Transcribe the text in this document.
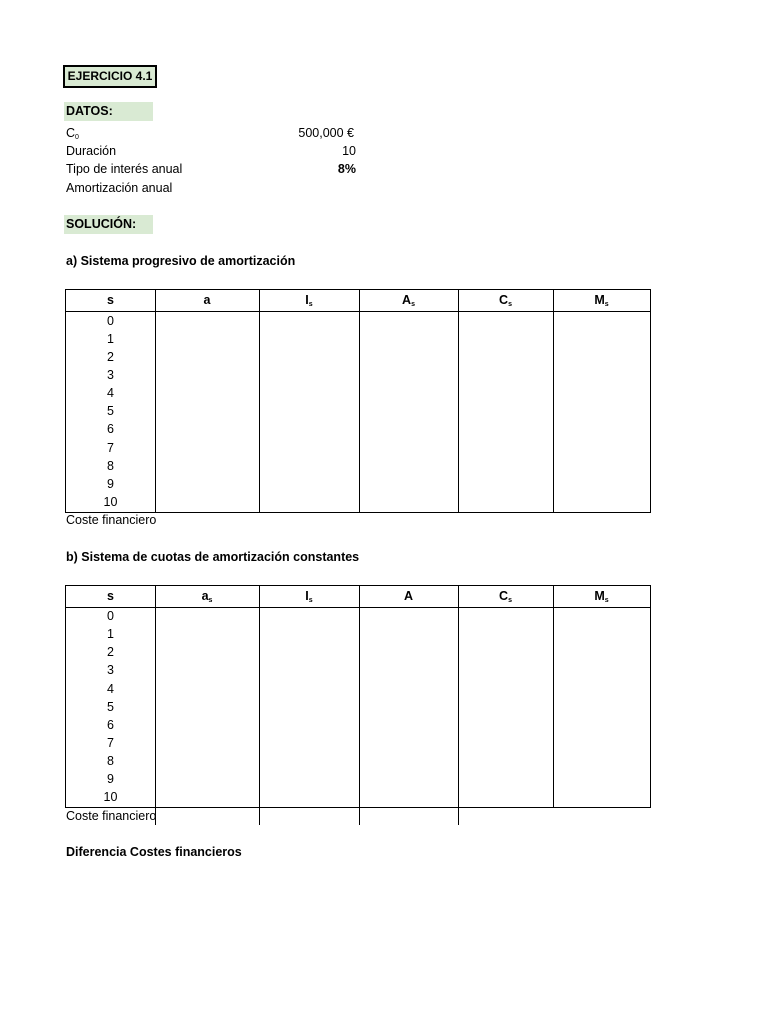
EJERCICIO 4.1
DATOS:
$C_0$	500,000 €
Duración	10
Tipo de interés anual	8%
Amortización anual
SOLUCIÓN:
a) Sistema progresivo de amortización
s	a	$I_s$	$A_s$	$C_s$	$M_s$
0
1
2
3
4
5
6
7
8
9
10
Coste financiero
b) Sistema de cuotas de amortización constantes
s	$a_s$	$I_s$	A	$C_s$	$M_s$
0
1
2
3
4
5
6
7
8
9
10
Coste financiero
Diferencia Costes financieros
